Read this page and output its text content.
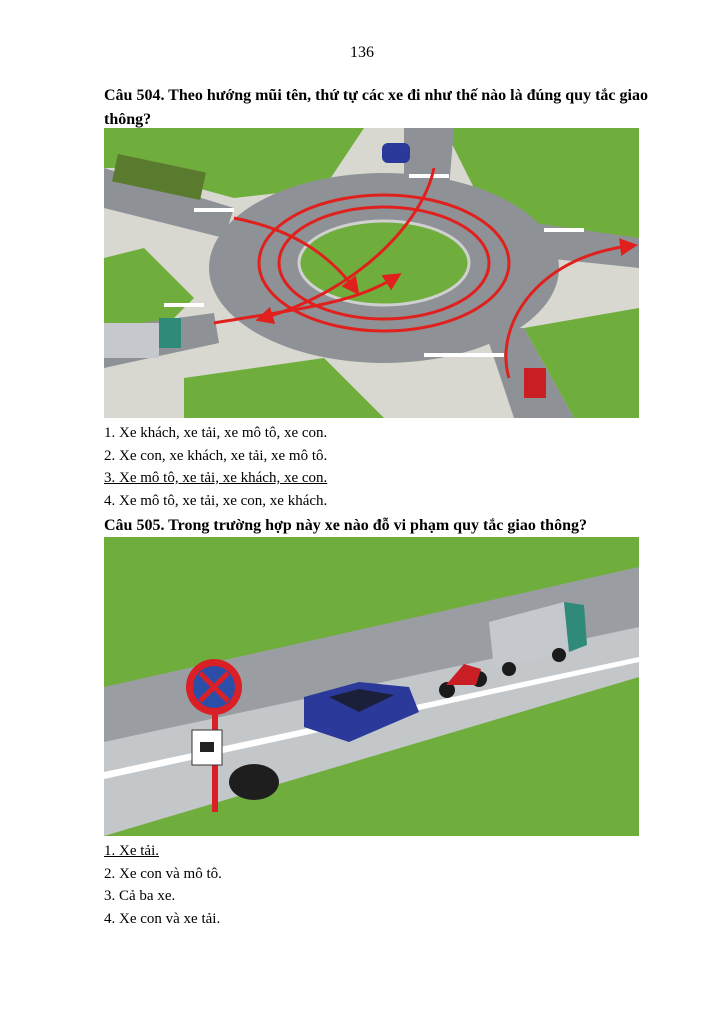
136
Câu 504. Theo hướng mũi tên, thứ tự các xe đi như thế nào là đúng quy tắc giao thông?
1. Xe khách, xe tải, xe mô tô, xe con.
2. Xe con, xe khách, xe tải, xe mô tô.
3. Xe mô tô, xe tải, xe khách, xe con.
4. Xe mô tô, xe tải, xe con, xe khách.
Câu 505. Trong trường hợp này xe nào đỗ vi phạm quy tắc giao thông?
1. Xe tải.
2. Xe con và mô tô.
3. Cả ba xe.
4. Xe con và xe tải.
